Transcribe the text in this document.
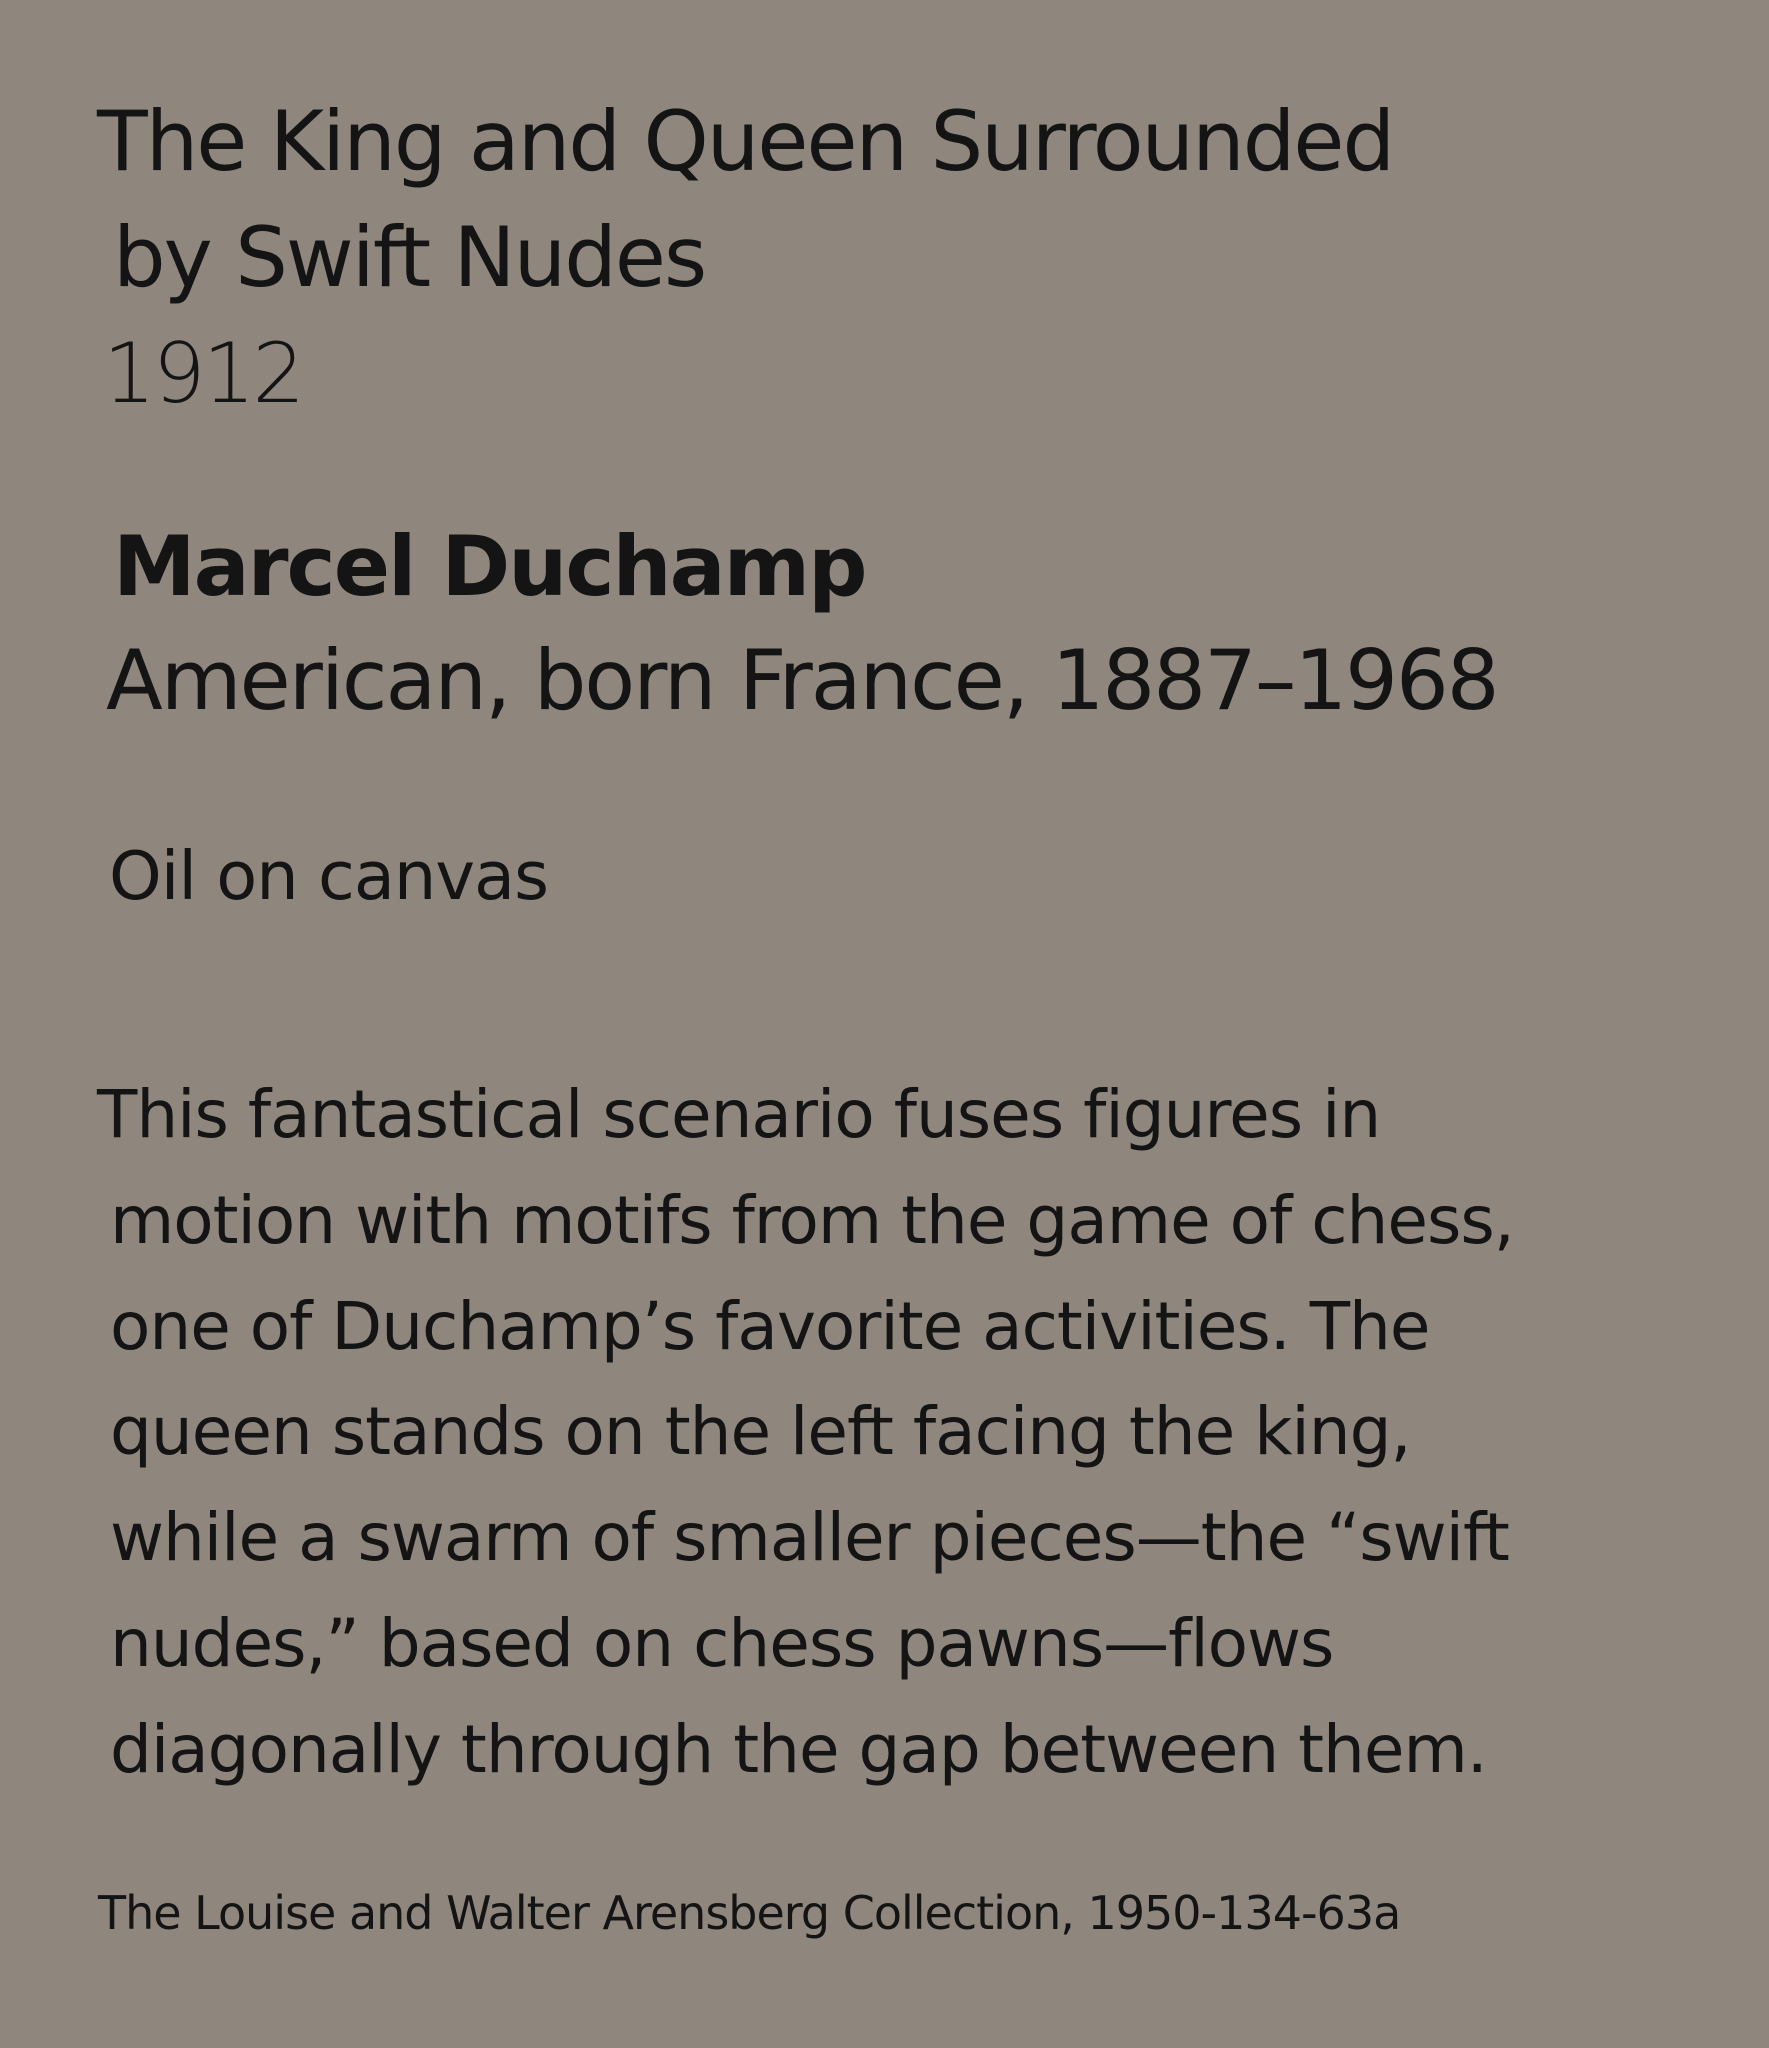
The King and Queen Surrounded
by Swift Nudes
1912
Marcel Duchamp
American, born France, 1887–1968
Oil on canvas
This fantastical scenario fuses figures in
motion with motifs from the game of chess,
one of Duchamp’s favorite activities. The
queen stands on the left facing the king,
while a swarm of smaller pieces—the “swift
nudes,” based on chess pawns—flows
diagonally through the gap between them.
The Louise and Walter Arensberg Collection, 1950-134-63a
